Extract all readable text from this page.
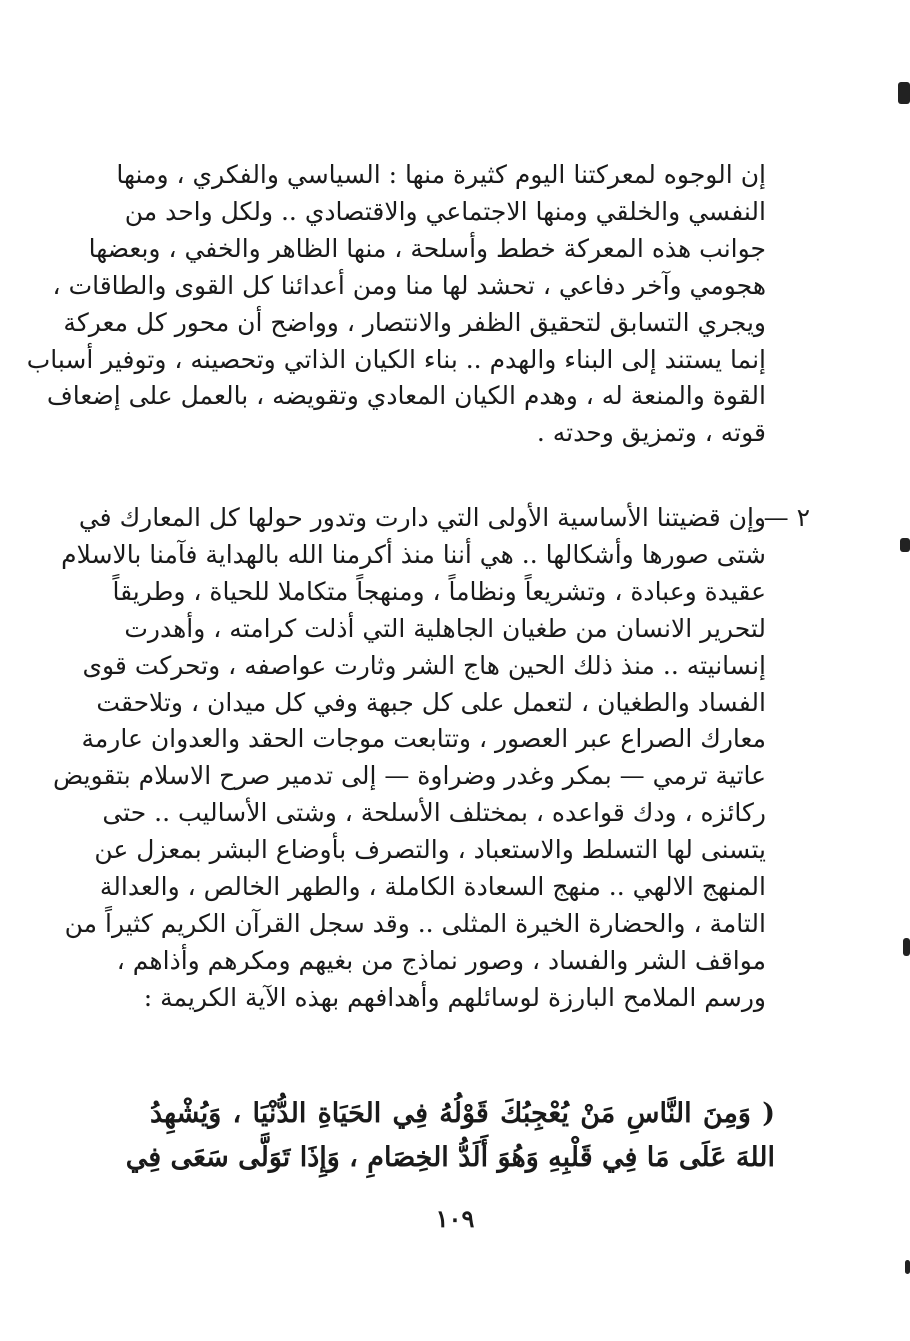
إن الوجوه لمعركتنا اليوم كثيرة منها : السياسي والفكري ، ومنها
النفسي والخلقي ومنها الاجتماعي والاقتصادي .. ولكل واحد من
جوانب هذه المعركة خطط وأسلحة ، منها الظاهر والخفي ، وبعضها
هجومي وآخر دفاعي ، تحشد لها منا ومن أعدائنا كل القوى والطاقات ،
ويجري التسابق لتحقيق الظفر والانتصار ، وواضح أن محور كل معركة
إنما يستند إلى البناء والهدم .. بناء الكيان الذاتي وتحصينه ، وتوفير أسباب
القوة والمنعة له ، وهدم الكيان المعادي وتقويضه ، بالعمل على إضعاف
قوته ، وتمزيق وحدته .
٢ —
وإن قضيتنا الأساسية الأولى التي دارت وتدور حولها كل المعارك في
شتى صورها وأشكالها .. هي أننا منذ أكرمنا الله بالهداية فآمنا بالاسلام
عقيدة وعبادة ، وتشريعاً ونظاماً ، ومنهجاً متكاملا للحياة ، وطريقاً
لتحرير الانسان من طغيان الجاهلية التي أذلت كرامته ، وأهدرت
إنسانيته .. منذ ذلك الحين هاج الشر وثارت عواصفه ، وتحركت قوى
الفساد والطغيان ، لتعمل على كل جبهة وفي كل ميدان ، وتلاحقت
معارك الصراع عبر العصور ، وتتابعت موجات الحقد والعدوان عارمة
عاتية ترمي — بمكر وغدر وضراوة — إلى تدمير صرح الاسلام بتقويض
ركائزه ، ودك قواعده ، بمختلف الأسلحة ، وشتى الأساليب .. حتى
يتسنى لها التسلط والاستعباد ، والتصرف بأوضاع البشر بمعزل عن
المنهج الالهي .. منهج السعادة الكاملة ، والطهر الخالص ، والعدالة
التامة ، والحضارة الخيرة المثلى .. وقد سجل القرآن الكريم كثيراً من
مواقف الشر والفساد ، وصور نماذج من بغيهم ومكرهم وأذاهم ،
ورسم الملامح البارزة لوسائلهم وأهدافهم بهذه الآية الكريمة :
( وَمِنَ النَّاسِ مَنْ يُعْجِبُكَ قَوْلُهُ فِي الحَيَاةِ الدُّنْيَا ، وَيُشْهِدُ
اللهَ عَلَى مَا فِي قَلْبِهِ وَهُوَ أَلَدُّ الخِصَامِ ، وَإِذَا تَوَلَّى سَعَى فِي
١٠٩
